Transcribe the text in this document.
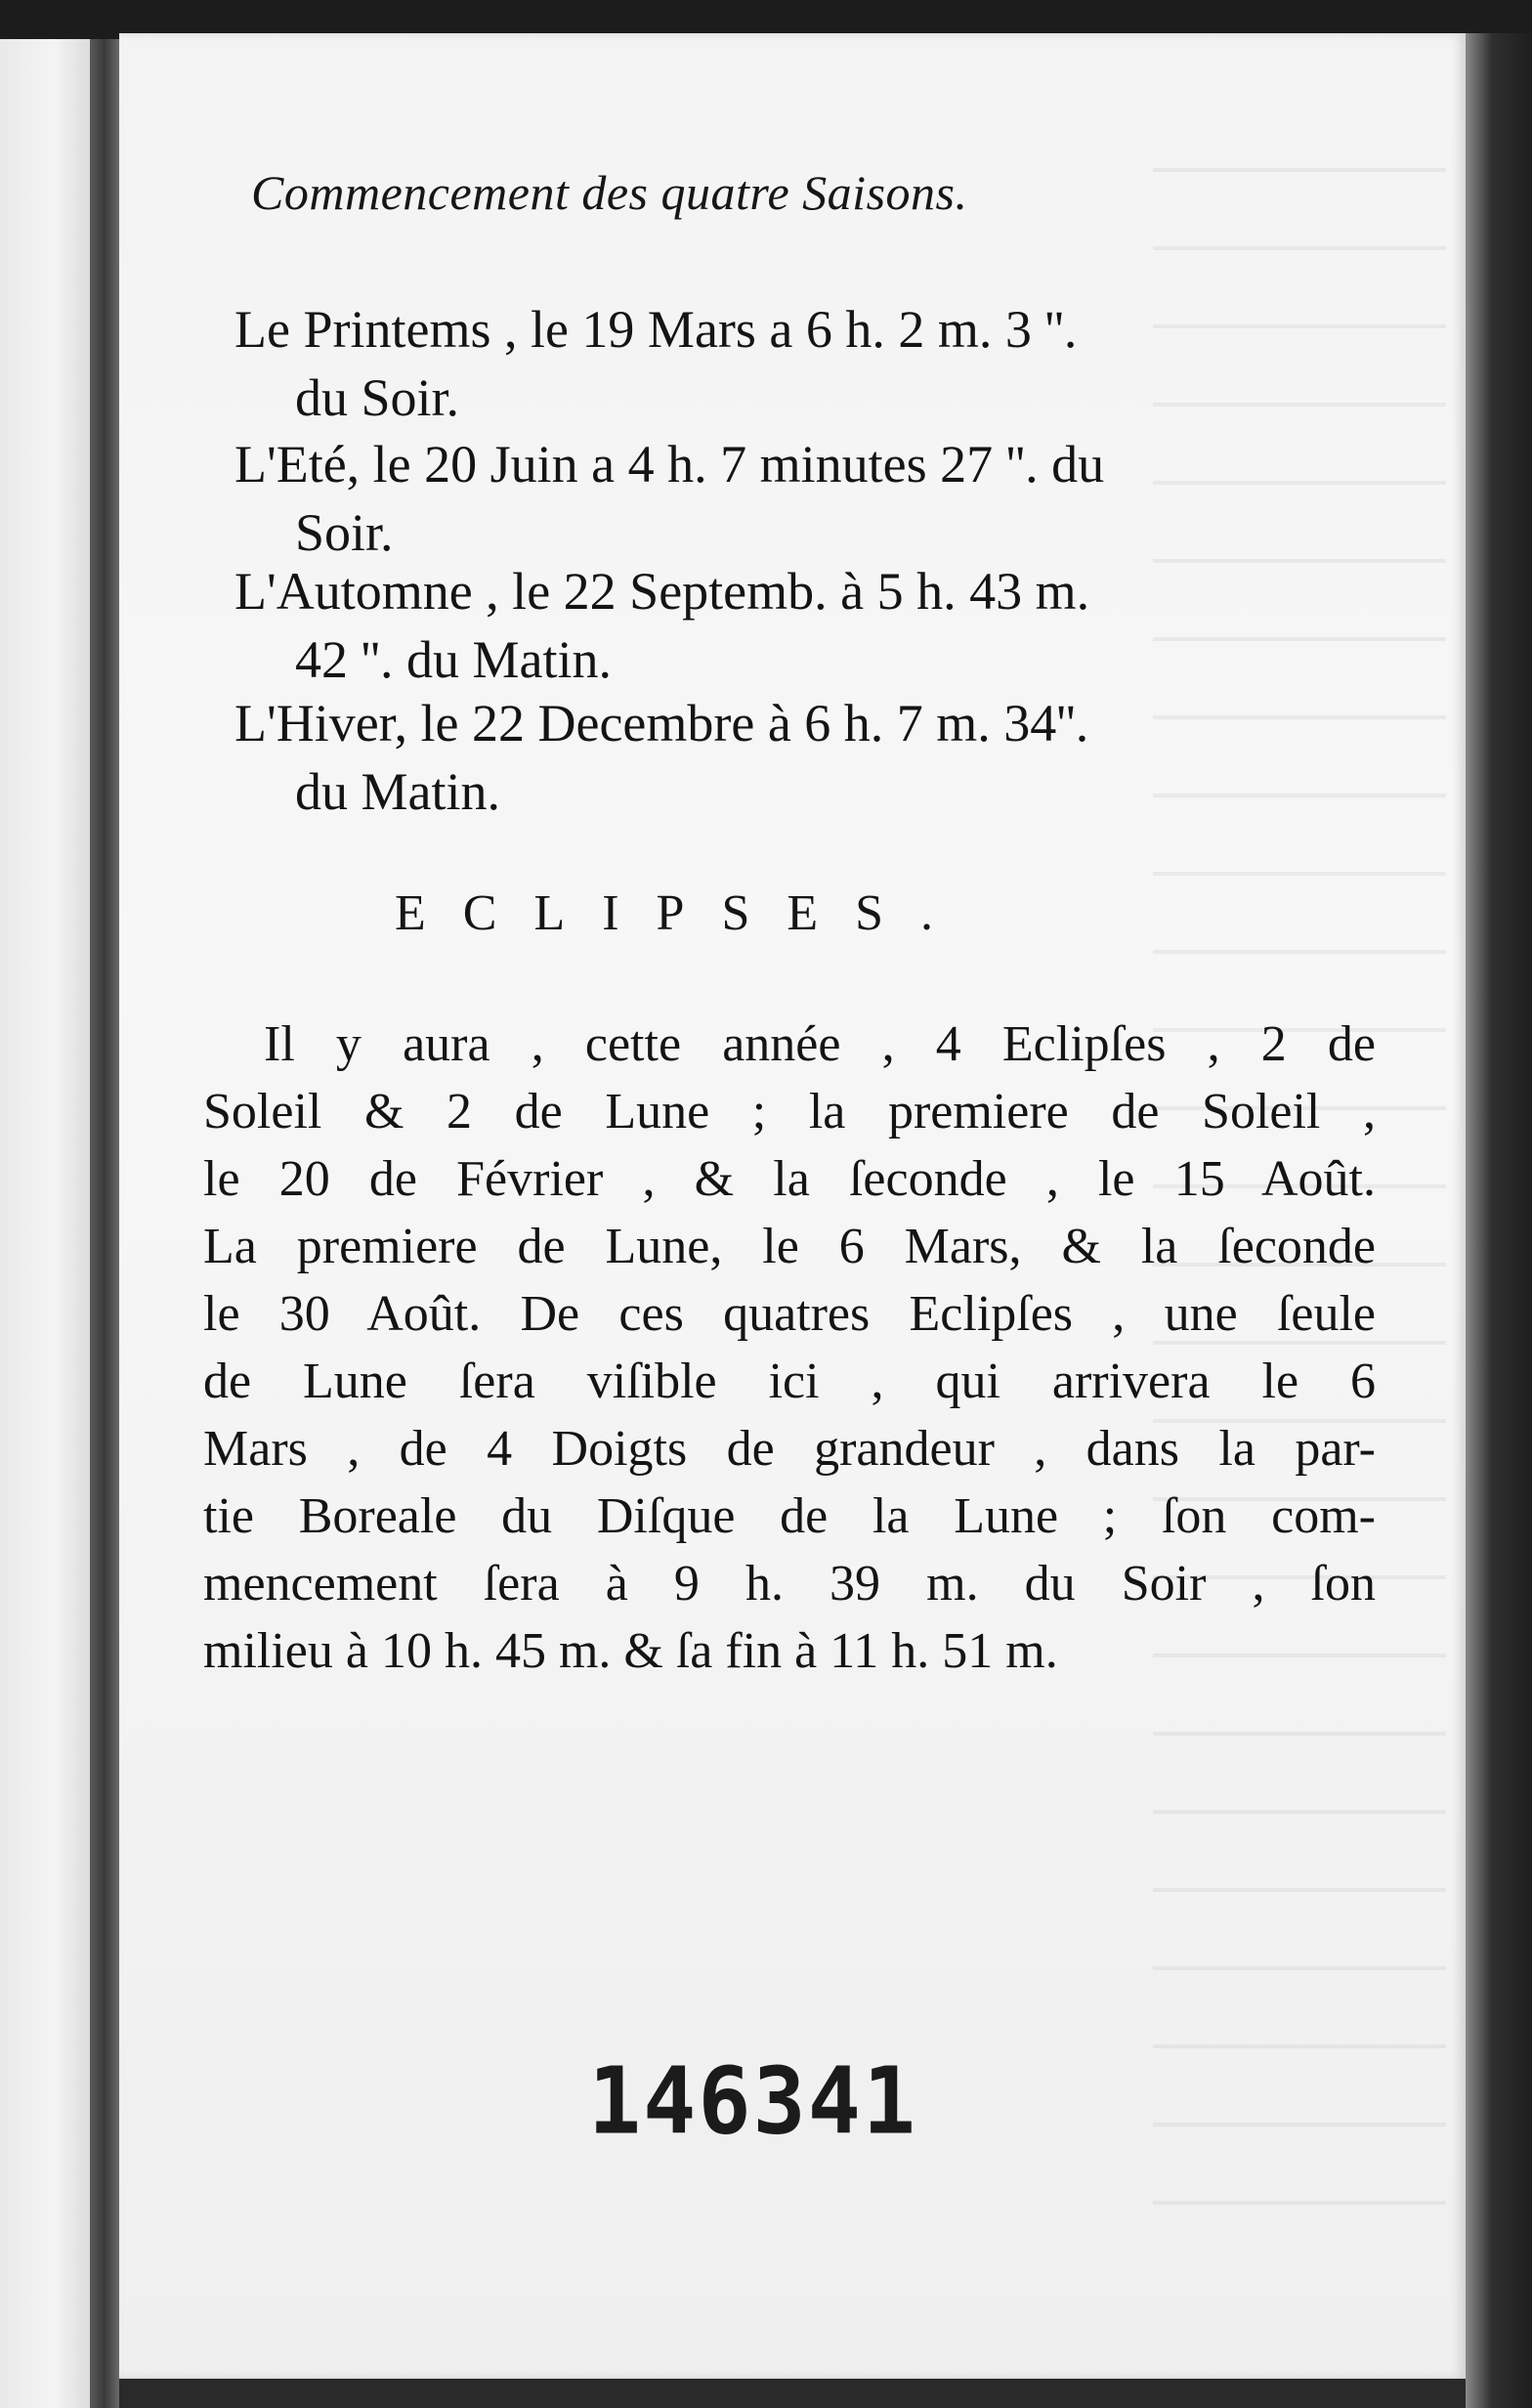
Commencement des quatre Saisons.
Le Printems , le 19 Mars a 6 h. 2 m. 3 ''.
du Soir.
L'Eté, le 20 Juin a 4 h. 7 minutes 27 ''. du
Soir.
L'Automne , le 22 Septemb. à 5 h. 43 m.
42 ''. du Matin.
L'Hiver, le 22 Decembre à 6 h. 7 m. 34''.
du Matin.
ECLIPSES.
Il y aura , cette année , 4 Eclipſes , 2 de
Soleil & 2 de Lune ; la premiere de Soleil ,
le 20 de Février , & la ſeconde , le 15 Août.
La premiere de Lune, le 6 Mars, & la ſeconde
le 30 Août. De ces quatres Eclipſes , une ſeule
de Lune ſera viſible ici , qui arrivera le 6
Mars , de 4 Doigts de grandeur , dans la par-
tie Boreale du Diſque de la Lune ; ſon com-
mencement ſera à 9 h. 39 m. du Soir , ſon
milieu à 10 h. 45 m. & ſa fin à 11 h. 51 m.
146341
